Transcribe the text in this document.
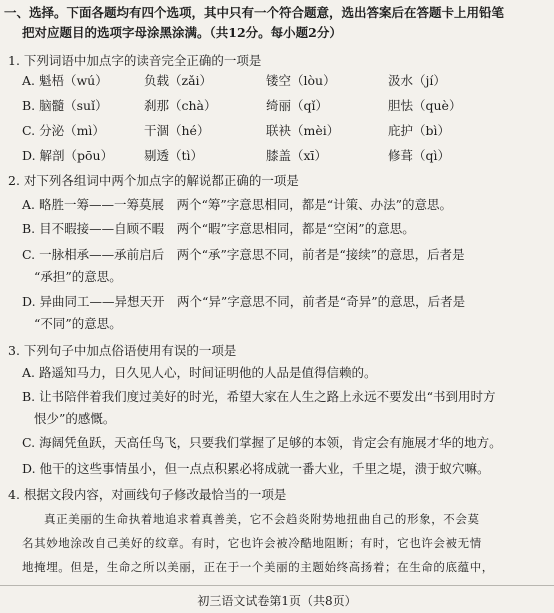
一、选择。下面各题均有四个选项，其中只有一个符合题意，选出答案后在答题卡上用铅笔
把对应题目的选项字母涂黑涂满。（共12分。每小题2分）
1. 下列词语中加点字的读音完全正确的一项是
A. 魁梧（wú）	负载（zǎi）	镂空（lòu）	汲水（jí）
B. 脑髓（suǐ）	刹那（chà）	绮丽（qǐ）	胆怯（què）
C. 分泌（mì）	干涸（hé）	联袂（mèi）	庇护（bì）
D. 解剖（pōu） 剔透（tì）	膝盖（xī）	修葺（qì）
2. 对下列各组词中两个加点字的解说都正确的一项是
A. 略胜一筹——一筹莫展　两个“筹”字意思相同，都是“计策、办法”的意思。
B. 目不暇接——自顾不暇　两个“暇”字意思相同，都是“空闲”的意思。
C. 一脉相承——承前启后　两个“承”字意思不同，前者是“接续”的意思，后者是
“承担”的意思。
D. 异曲同工——异想天开　两个“异”字意思不同，前者是“奇异”的意思，后者是
“不同”的意思。
3. 下列句子中加点俗语使用有误的一项是
A. 路遥知马力，日久见人心，时间证明他的人品是值得信赖的。
B. 让书陪伴着我们度过美好的时光，希望大家在人生之路上永远不要发出“书到用时方
恨少”的感慨。
C. 海阔凭鱼跃，天高任鸟飞，只要我们掌握了足够的本领，肯定会有施展才华的地方。
D. 他干的这些事情虽小，但一点点积累必将成就一番大业，千里之堤，溃于蚁穴嘛。
4. 根据文段内容，对画线句子修改最恰当的一项是
真正美丽的生命执着地追求着真善美，它不会趋炎附势地扭曲自己的形象，不会莫
名其妙地涂改自己美好的纹章。有时，它也许会被冷酷地阻断；有时，它也许会被无情
地掩埋。但是，生命之所以美丽，正在于一个美丽的主题始终高扬着；在生命的底蕴中，
初三语文试卷第1页（共8页）
